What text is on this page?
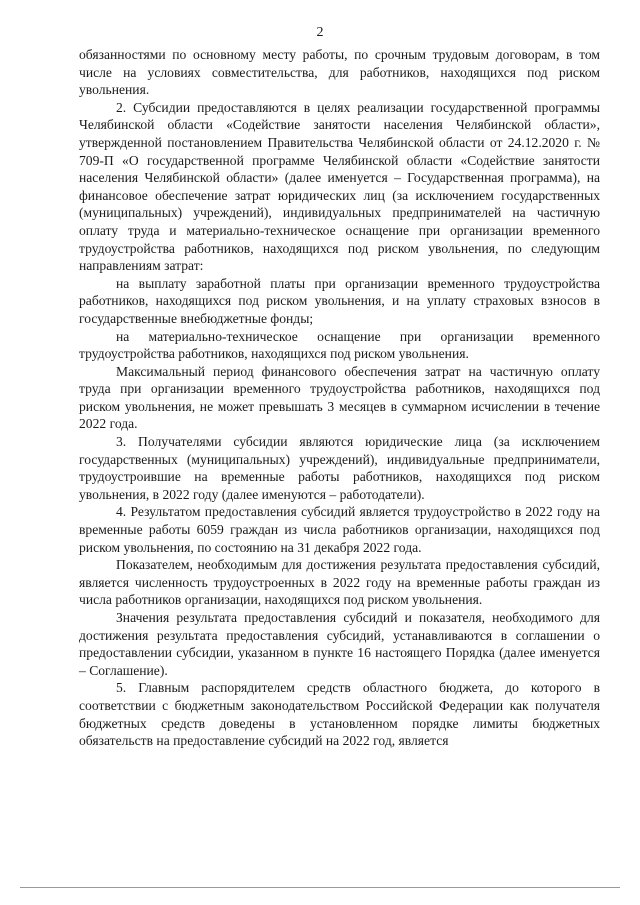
2

обязанностями по основному месту работы, по срочным трудовым договорам, в том числе на условиях совместительства, для работников, находящихся под риском увольнения.

2. Субсидии предоставляются в целях реализации государственной программы Челябинской области «Содействие занятости населения Челябинской области», утвержденной постановлением Правительства Челябинской области от 24.12.2020 г. № 709-П «О государственной программе Челябинской области «Содействие занятости населения Челябинской области» (далее именуется – Государственная программа), на финансовое обеспечение затрат юридических лиц (за исключением государственных (муниципальных) учреждений), индивидуальных предпринимателей на частичную оплату труда и материально-техническое оснащение при организации временного трудоустройства работников, находящихся под риском увольнения, по следующим направлениям затрат:

на выплату заработной платы при организации временного трудоустройства работников, находящихся под риском увольнения, и на уплату страховых взносов в государственные внебюджетные фонды;

на материально-техническое оснащение при организации временного трудоустройства работников, находящихся под риском увольнения.

Максимальный период финансового обеспечения затрат на частичную оплату труда при организации временного трудоустройства работников, находящихся под риском увольнения, не может превышать 3 месяцев в суммарном исчислении в течение 2022 года.

3. Получателями субсидии являются юридические лица (за исключением государственных (муниципальных) учреждений), индивидуальные предприниматели, трудоустроившие на временные работы работников, находящихся под риском увольнения, в 2022 году (далее именуются – работодатели).

4. Результатом предоставления субсидий является трудоустройство в 2022 году на временные работы 6059 граждан из числа работников организации, находящихся под риском увольнения, по состоянию на 31 декабря 2022 года.

Показателем, необходимым для достижения результата предоставления субсидий, является численность трудоустроенных в 2022 году на временные работы граждан из числа работников организации, находящихся под риском увольнения.

Значения результата предоставления субсидий и показателя, необходимого для достижения результата предоставления субсидий, устанавливаются в соглашении о предоставлении субсидии, указанном в пункте 16 настоящего Порядка (далее именуется – Соглашение).

5. Главным распорядителем средств областного бюджета, до которого в соответствии с бюджетным законодательством Российской Федерации как получателя бюджетных средств доведены в установленном порядке лимиты бюджетных обязательств на предоставление субсидий на 2022 год, является
